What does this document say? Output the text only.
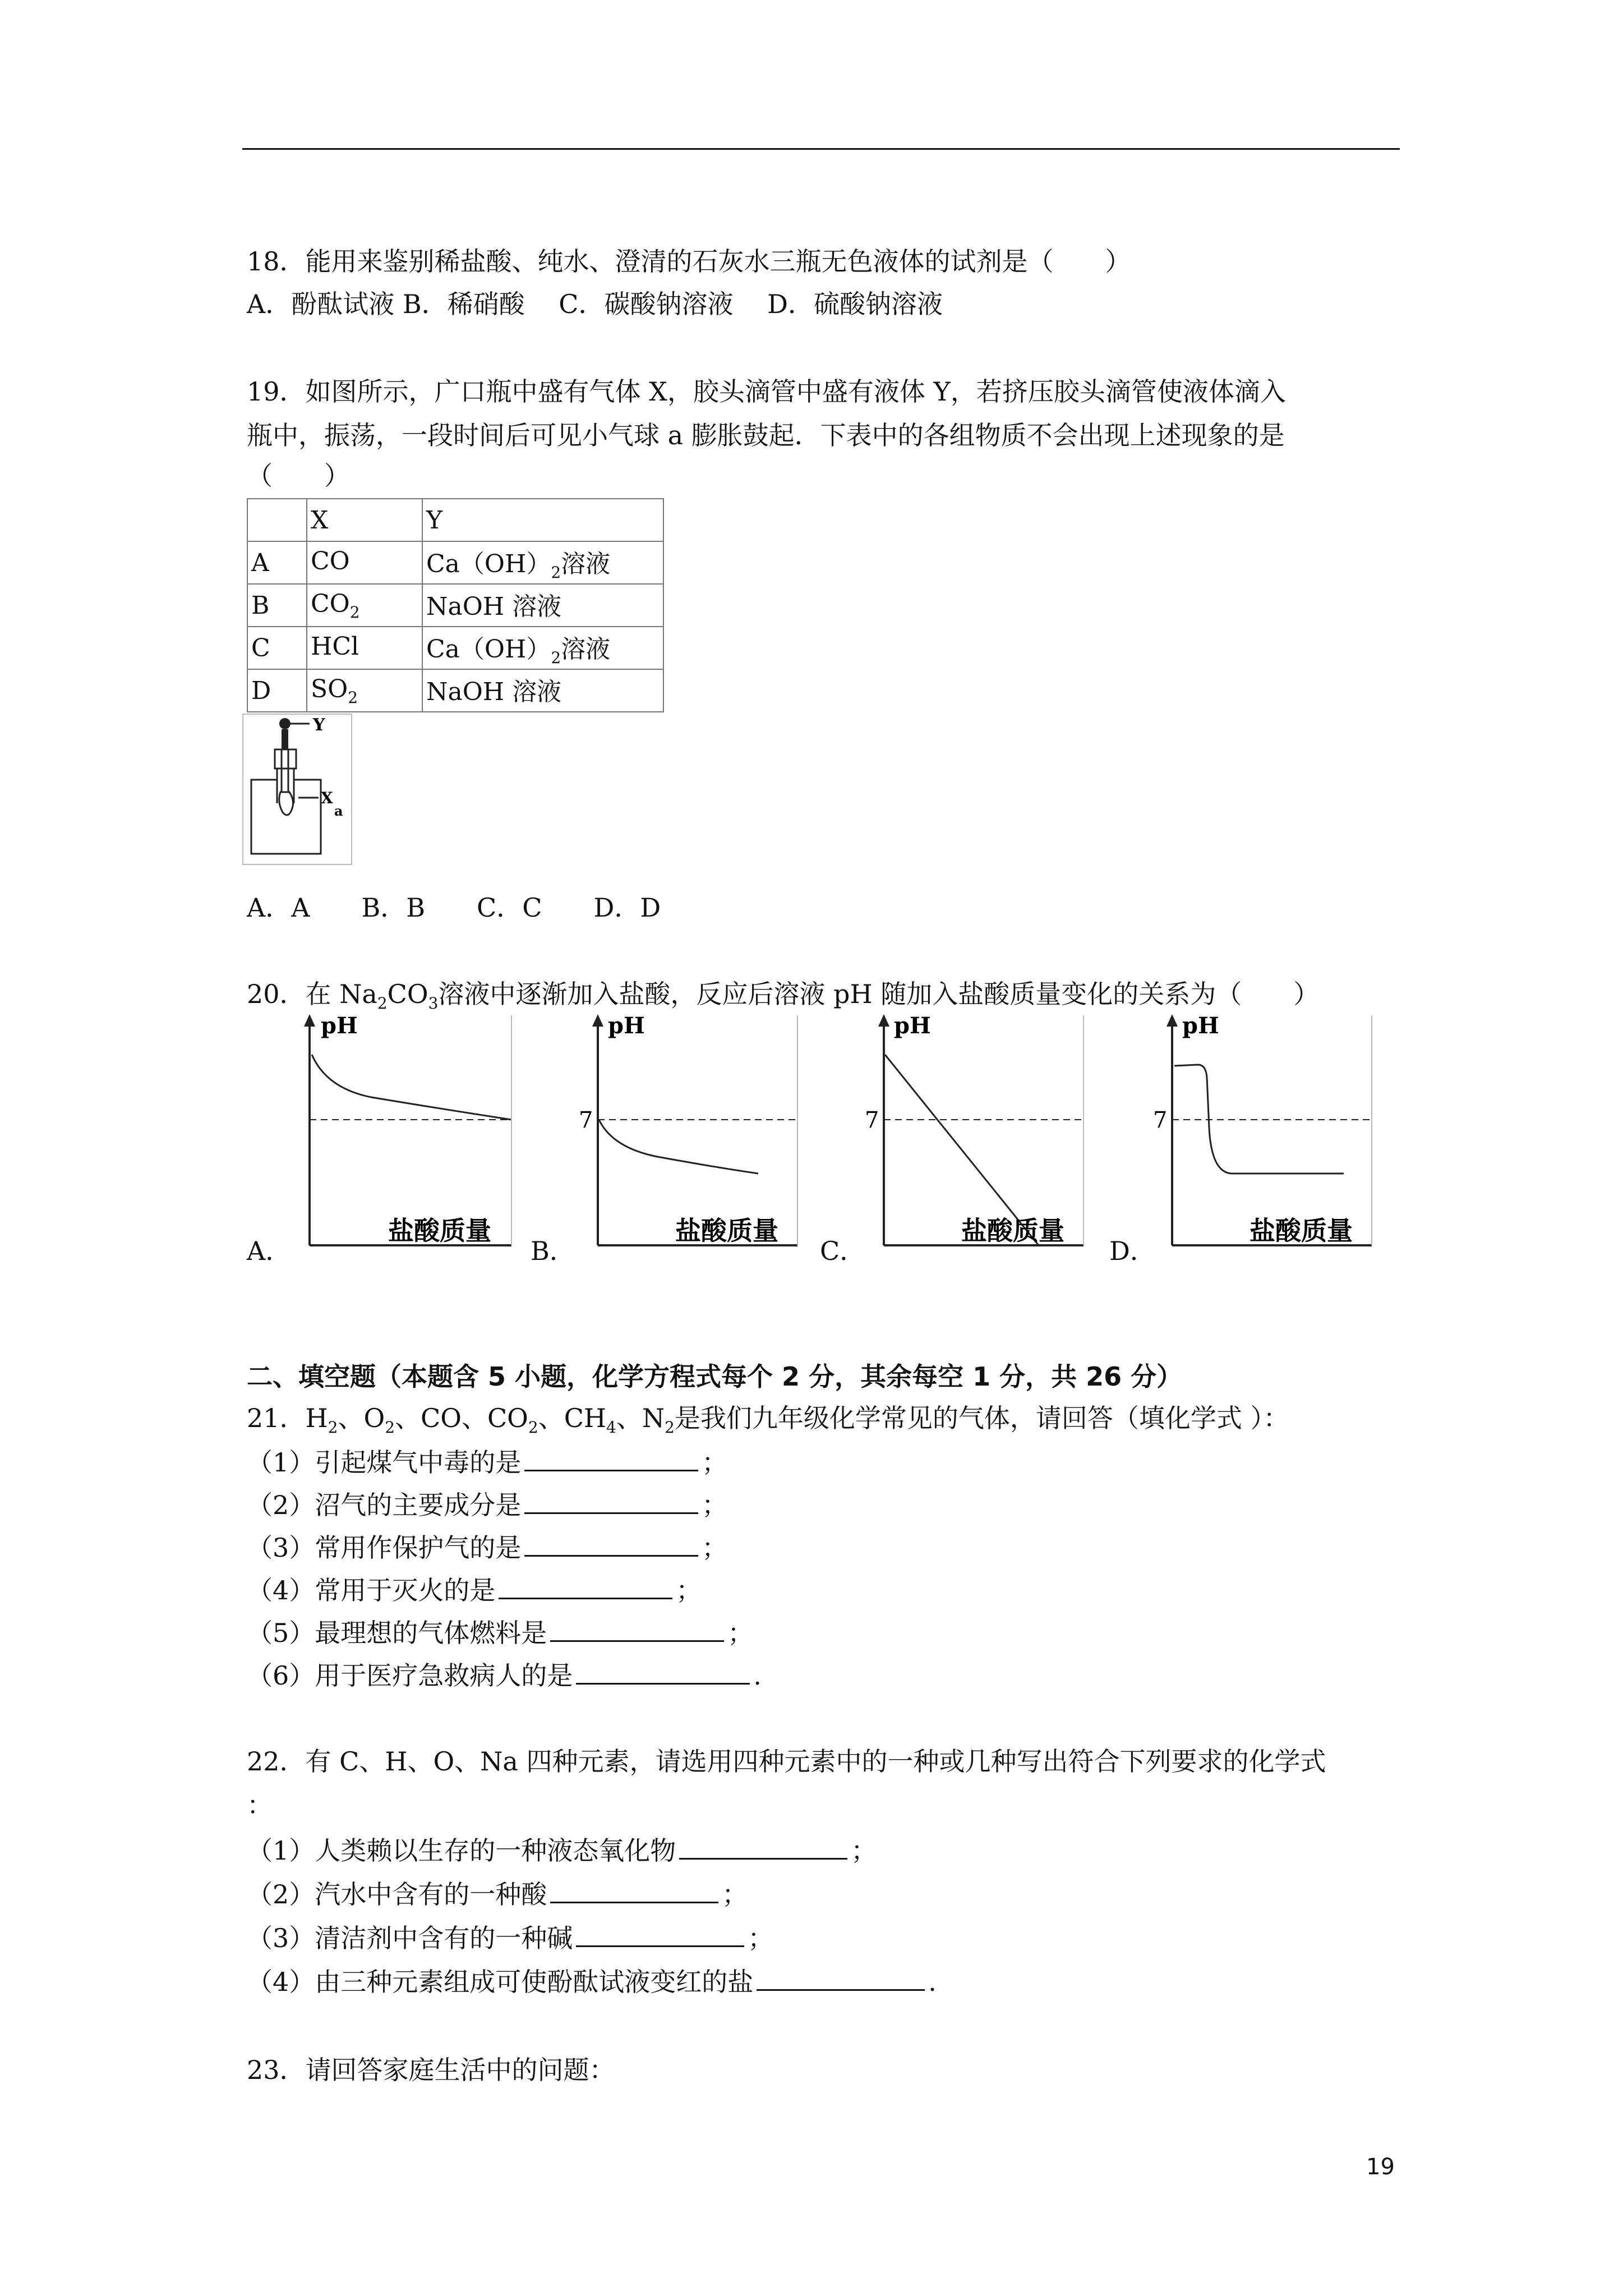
18．能用来鉴别稀盐酸、纯水、澄清的石灰水三瓶无色液体的试剂是（　　）
A．酚酞试液 B．稀硝酸　 C．碳酸钠溶液　 D．硫酸钠溶液
19．如图所示，广口瓶中盛有气体 X，胶头滴管中盛有液体 Y，若挤压胶头滴管使液体滴入
瓶中，振荡，一段时间后可见小气球 a 膨胀鼓起．下表中的各组物质不会出现上述现象的是
（　　）
	X	Y
A	CO	$Ca(OH)_2$溶液
B	$CO_2$	NaOH 溶液
C	HCl	$Ca(OH)_2$溶液
D	$SO_2$	NaOH 溶液
Y
X
a
A．A　　B．B　　C．C　　D．D
20．在 $Na_2CO_3$溶液中逐渐加入盐酸，反应后溶液 pH 随加入盐酸质量变化的关系为（　　）
A．
pH
盐酸质量
B．
pH
7
盐酸质量
C．
pH
7
盐酸质量
D．
pH
7
盐酸质量
二、填空题（本题含 5 小题，化学方程式每个 2 分，其余每空 1 分，共 26 分）
21．$H_2$、$O_2$、CO、$CO_2$、$CH_4$、$N_2$是我们九年级化学常见的气体，请回答（填化学式 ）：
（1）引起煤气中毒的是	；
（2）沼气的主要成分是	；
（3）常用作保护气的是	；
（4）常用于灭火的是	；
（5）最理想的气体燃料是	；
（6）用于医疗急救病人的是	.
22．有 C、H、O、Na 四种元素，请选用四种元素中的一种或几种写出符合下列要求的化学式
：
（1）人类赖以生存的一种液态氧化物	；
（2）汽水中含有的一种酸	；
（3）清洁剂中含有的一种碱	；
（4）由三种元素组成可使酚酞试液变红的盐	.
23．请回答家庭生活中的问题：
19
